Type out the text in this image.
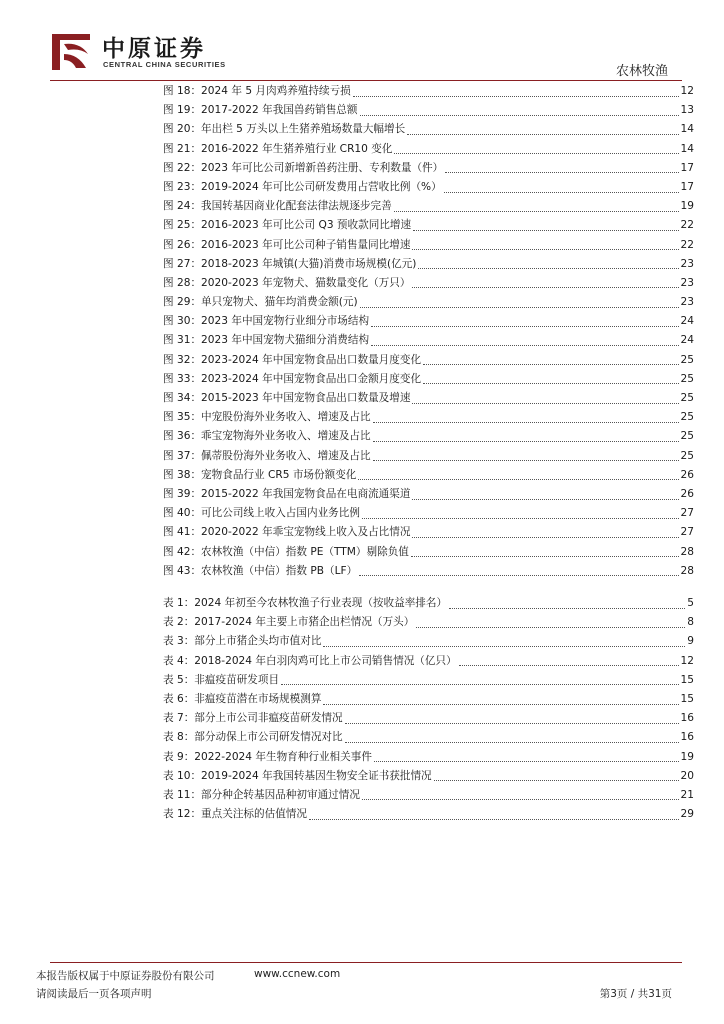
中原证券
CENTRAL CHINA SECURITIES	农林牧渔
图 18：2024 年 5 月肉鸡养殖持续亏损	12
图 19：2017-2022 年我国兽药销售总额	13
图 20：年出栏 5 万头以上生猪养殖场数量大幅增长	14
图 21：2016-2022 年生猪养殖行业 CR10 变化	14
图 22：2023 年可比公司新增新兽药注册、专利数量（件）	17
图 23：2019-2024 年可比公司研发费用占营收比例（%）	17
图 24：我国转基因商业化配套法律法规逐步完善	19
图 25：2016-2023 年可比公司 Q3 预收款同比增速	22
图 26：2016-2023 年可比公司种子销售量同比增速	22
图 27：2018-2023 年城镇(大猫)消费市场规模(亿元)	23
图 28：2020-2023 年宠物犬、猫数量变化（万只）	23
图 29：单只宠物犬、猫年均消费金额(元)	23
图 30：2023 年中国宠物行业细分市场结构	24
图 31：2023 年中国宠物犬猫细分消费结构	24
图 32：2023-2024 年中国宠物食品出口数量月度变化	25
图 33：2023-2024 年中国宠物食品出口金额月度变化	25
图 34：2015-2023 年中国宠物食品出口数量及增速	25
图 35：中宠股份海外业务收入、增速及占比	25
图 36：乖宝宠物海外业务收入、增速及占比	25
图 37：佩蒂股份海外业务收入、增速及占比	25
图 38：宠物食品行业 CR5 市场份额变化	26
图 39：2015-2022 年我国宠物食品在电商流通渠道	26
图 40：可比公司线上收入占国内业务比例	27
图 41：2020-2022 年乖宝宠物线上收入及占比情况	27
图 42：农林牧渔（中信）指数 PE（TTM）剔除负值	28
图 43：农林牧渔（中信）指数 PB（LF）	28
表 1：2024 年初至今农林牧渔子行业表现（按收益率排名）	5
表 2：2017-2024 年主要上市猪企出栏情况（万头）	8
表 3：部分上市猪企头均市值对比	9
表 4：2018-2024 年白羽肉鸡可比上市公司销售情况（亿只）	12
表 5：非瘟疫苗研发项目	15
表 6：非瘟疫苗潜在市场规模测算	15
表 7：部分上市公司非瘟疫苗研发情况	16
表 8：部分动保上市公司研发情况对比	16
表 9：2022-2024 年生物育种行业相关事件	19
表 10：2019-2024 年我国转基因生物安全证书获批情况	20
表 11：部分种企转基因品种初审通过情况	21
表 12：重点关注标的估值情况	29
本报告版权属于中原证券股份有限公司	www.ccnew.com
请阅读最后一页各项声明	第3页 / 共31页
